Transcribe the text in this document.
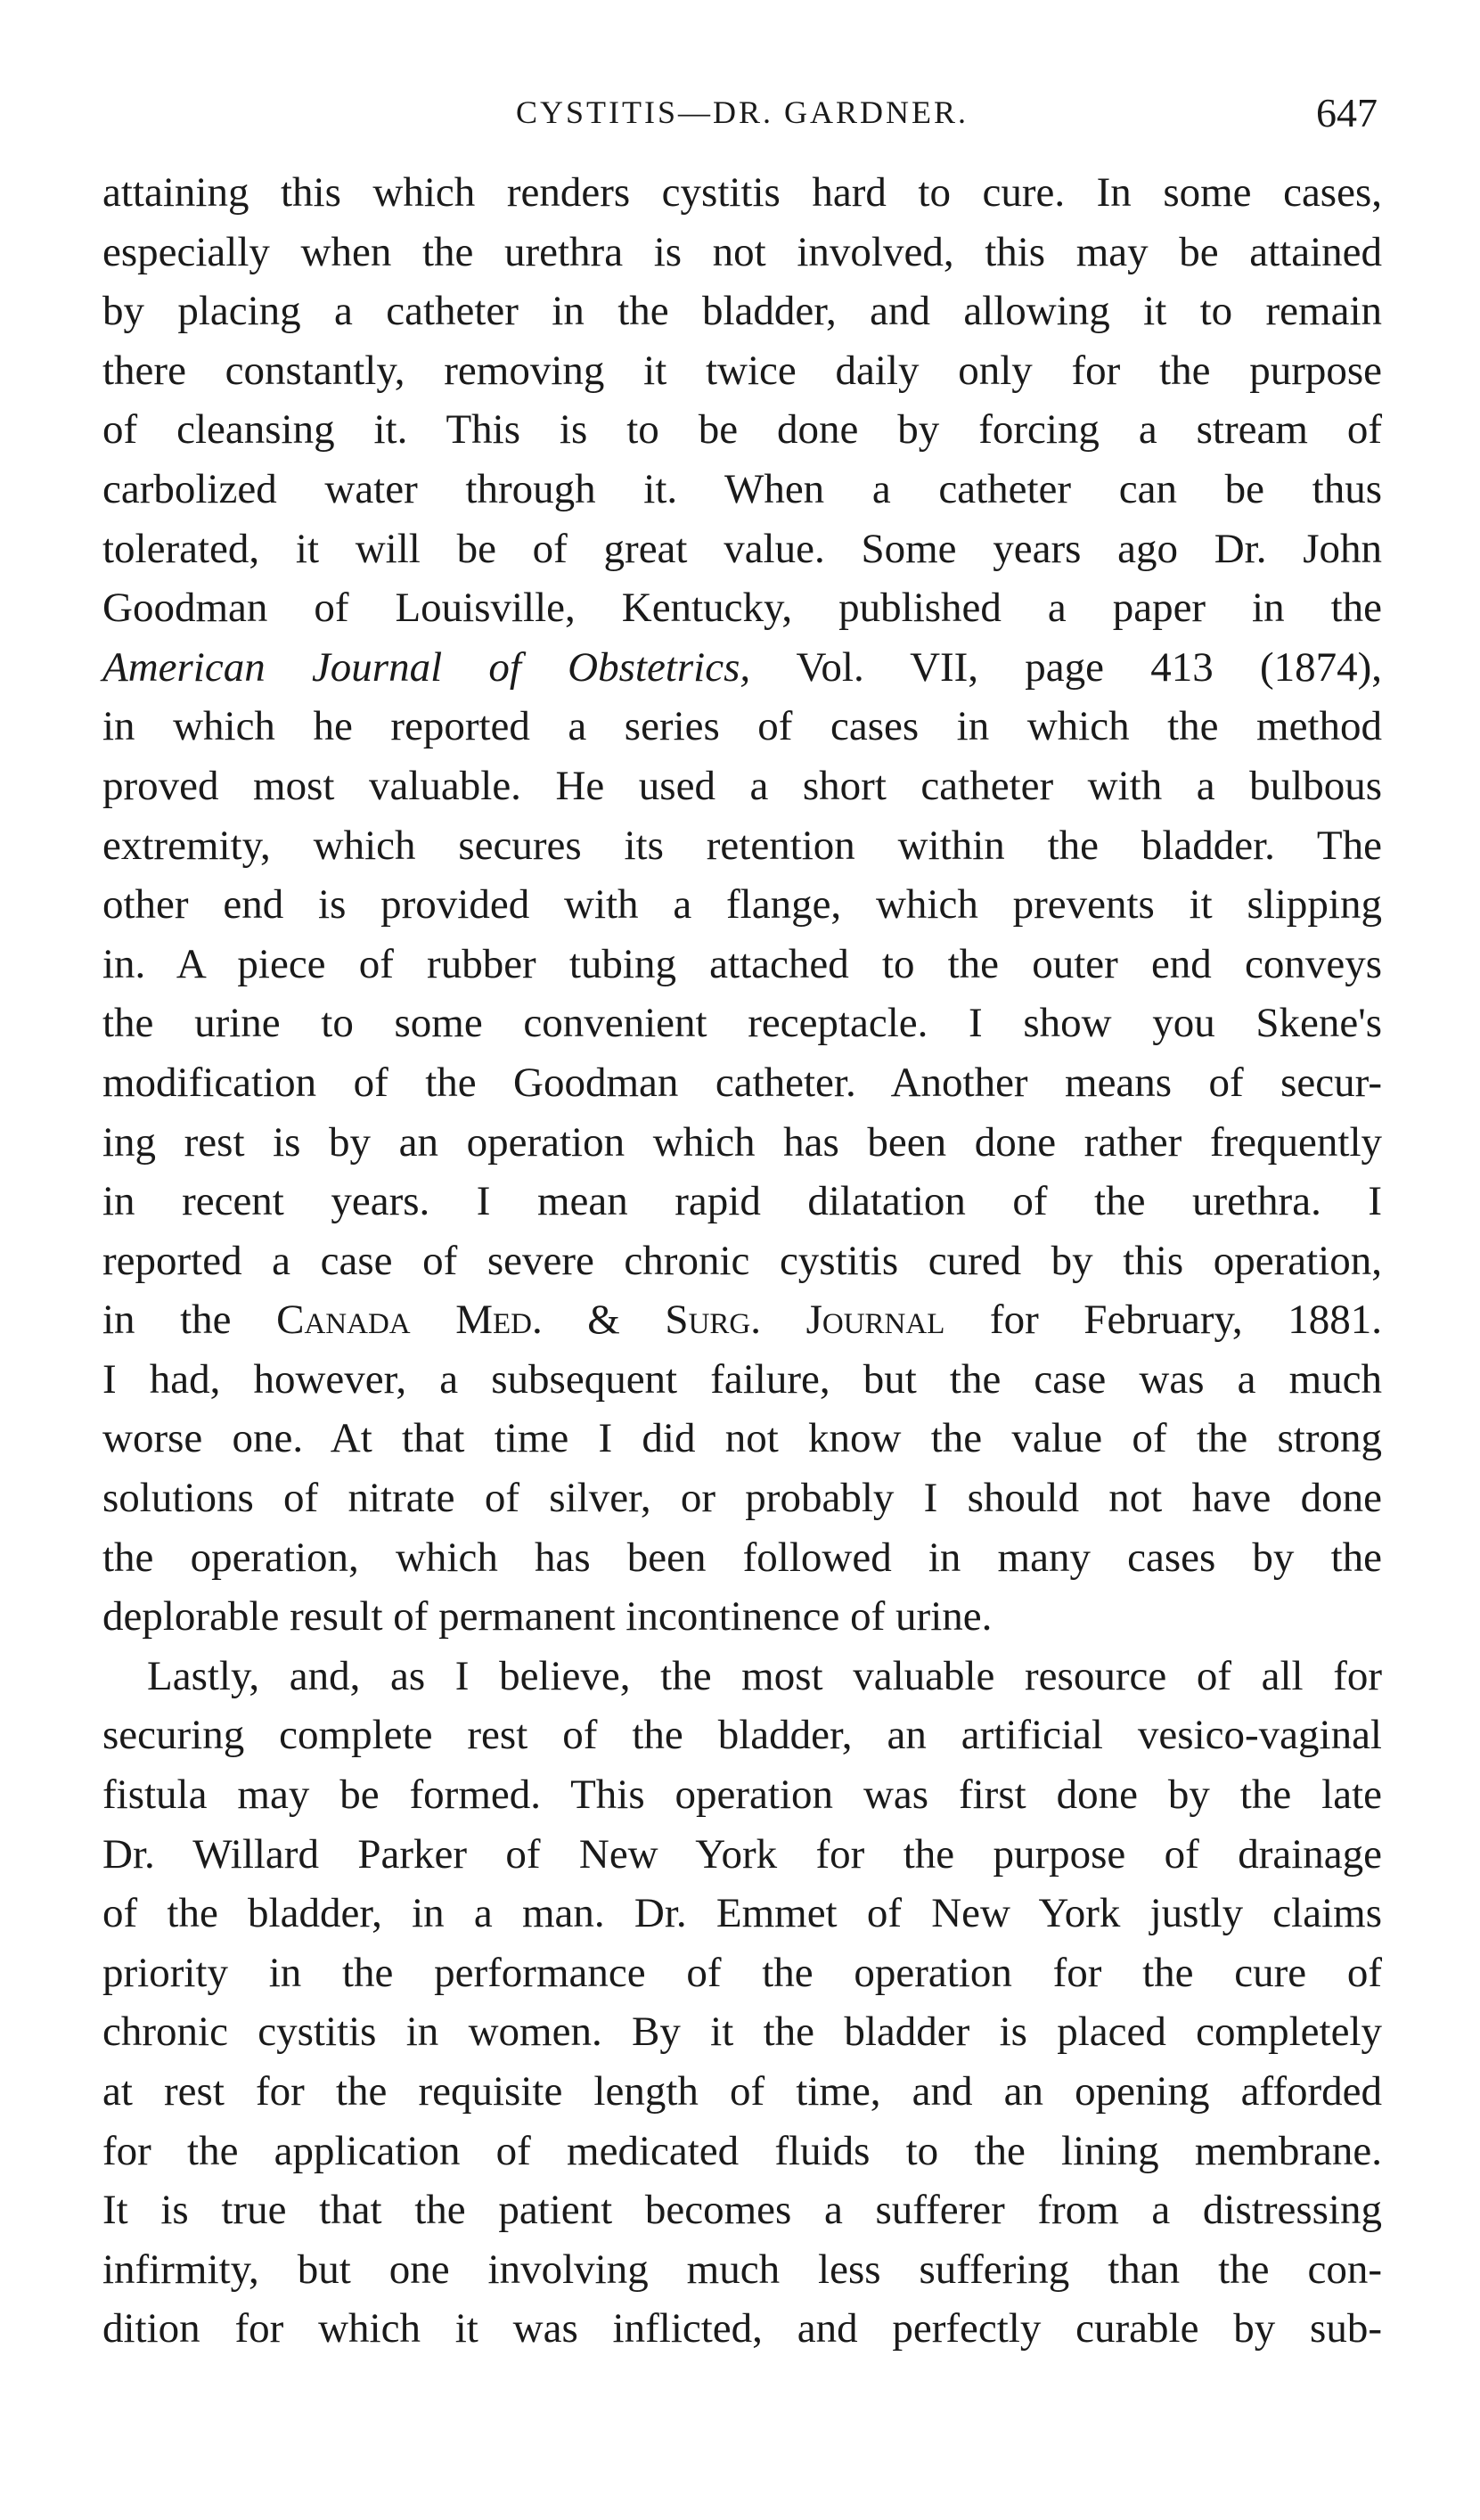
CYSTITIS—DR. GARDNER.	647
attaining this which renders cystitis hard to cure. In some cases,
especially when the urethra is not involved, this may be attained
by placing a catheter in the bladder, and allowing it to remain
there constantly, removing it twice daily only for the purpose
of cleansing it. This is to be done by forcing a stream of
carbolized water through it. When a catheter can be thus
tolerated, it will be of great value. Some years ago Dr. John
Goodman of Louisville, Kentucky, published a paper in the
American Journal of Obstetrics, Vol. VII, page 413 (1874),
in which he reported a series of cases in which the method
proved most valuable. He used a short catheter with a bulbous
extremity, which secures its retention within the bladder. The
other end is provided with a flange, which prevents it slipping
in. A piece of rubber tubing attached to the outer end conveys
the urine to some convenient receptacle. I show you Skene's
modification of the Goodman catheter. Another means of secur-
ing rest is by an operation which has been done rather frequently
in recent years. I mean rapid dilatation of the urethra. I
reported a case of severe chronic cystitis cured by this operation,
in the Canada Med. & Surg. Journal for February, 1881.
I had, however, a subsequent failure, but the case was a much
worse one. At that time I did not know the value of the strong
solutions of nitrate of silver, or probably I should not have done
the operation, which has been followed in many cases by the
deplorable result of permanent incontinence of urine.
Lastly, and, as I believe, the most valuable resource of all for
securing complete rest of the bladder, an artificial vesico-vaginal
fistula may be formed. This operation was first done by the late
Dr. Willard Parker of New York for the purpose of drainage
of the bladder, in a man. Dr. Emmet of New York justly claims
priority in the performance of the operation for the cure of
chronic cystitis in women. By it the bladder is placed completely
at rest for the requisite length of time, and an opening afforded
for the application of medicated fluids to the lining membrane.
It is true that the patient becomes a sufferer from a distressing
infirmity, but one involving much less suffering than the con-
dition for which it was inflicted, and perfectly curable by sub-
